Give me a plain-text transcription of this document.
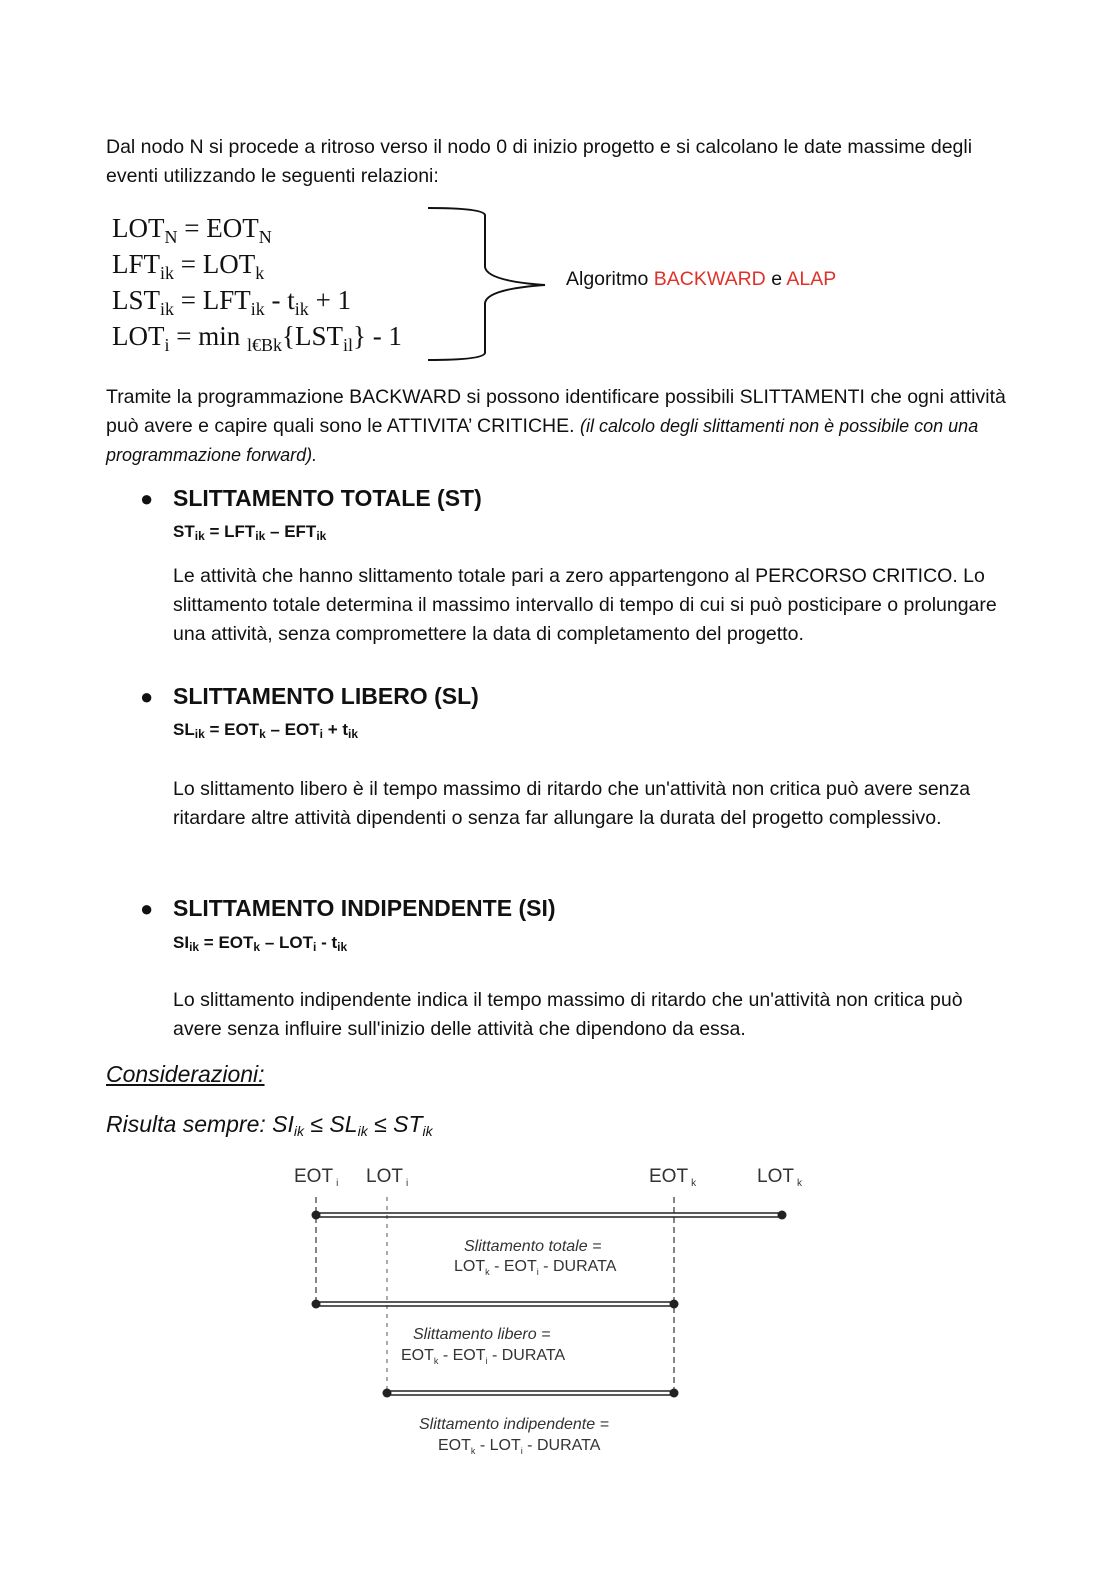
Dal nodo N si procede a ritroso verso il nodo 0 di inizio progetto e si calcolano le date massime degli eventi utilizzando le seguenti relazioni:

$LOT_N = EOT_N$
$LFT_{ik} = LOT_k$
$LST_{ik} = LFT_{ik} - t_{ik} + 1$
$LOT_i = \min _{l€Bk}\{LST_{il}\} - 1$
Algoritmo BACKWARD e ALAP

Tramite la programmazione BACKWARD si possono identificare possibili SLITTAMENTI che ogni attività può avere e capire quali sono le ATTIVITA’ CRITICHE. (il calcolo degli slittamenti non è possibile con una programmazione forward).

● SLITTAMENTO TOTALE (ST)
$ST_{ik} = LFT_{ik} - EFT_{ik}$

Le attività che hanno slittamento totale pari a zero appartengono al PERCORSO CRITICO. Lo slittamento totale determina il massimo intervallo di tempo di cui si può posticipare o prolungare una attività, senza compromettere la data di completamento del progetto.

● SLITTAMENTO LIBERO (SL)
$SL_{ik} = EOT_k - EOT_i + t_{ik}$

Lo slittamento libero è il tempo massimo di ritardo che un'attività non critica può avere senza ritardare altre attività dipendenti o senza far allungare la durata del progetto complessivo.

● SLITTAMENTO INDIPENDENTE (SI)
$SI_{ik} = EOT_k - LOT_i - t_{ik}$

Lo slittamento indipendente indica il tempo massimo di ritardo che un'attività non critica può avere senza influire sull'inizio delle attività che dipendono da essa.

Considerazioni:
Risulta sempre: $SI_{ik} \le SL_{ik} \le ST_{ik}$
EOT $_i$ LOT $_i$	EOT $_k$	LOT $_k$
Slittamento totale =
$LOT_k - EOT_i$ - DURATA
Slittamento libero =
$EOT_k - EOT_i$ - DURATA
Slittamento indipendente =
$EOT_k - LOT_i$ - DURATA
